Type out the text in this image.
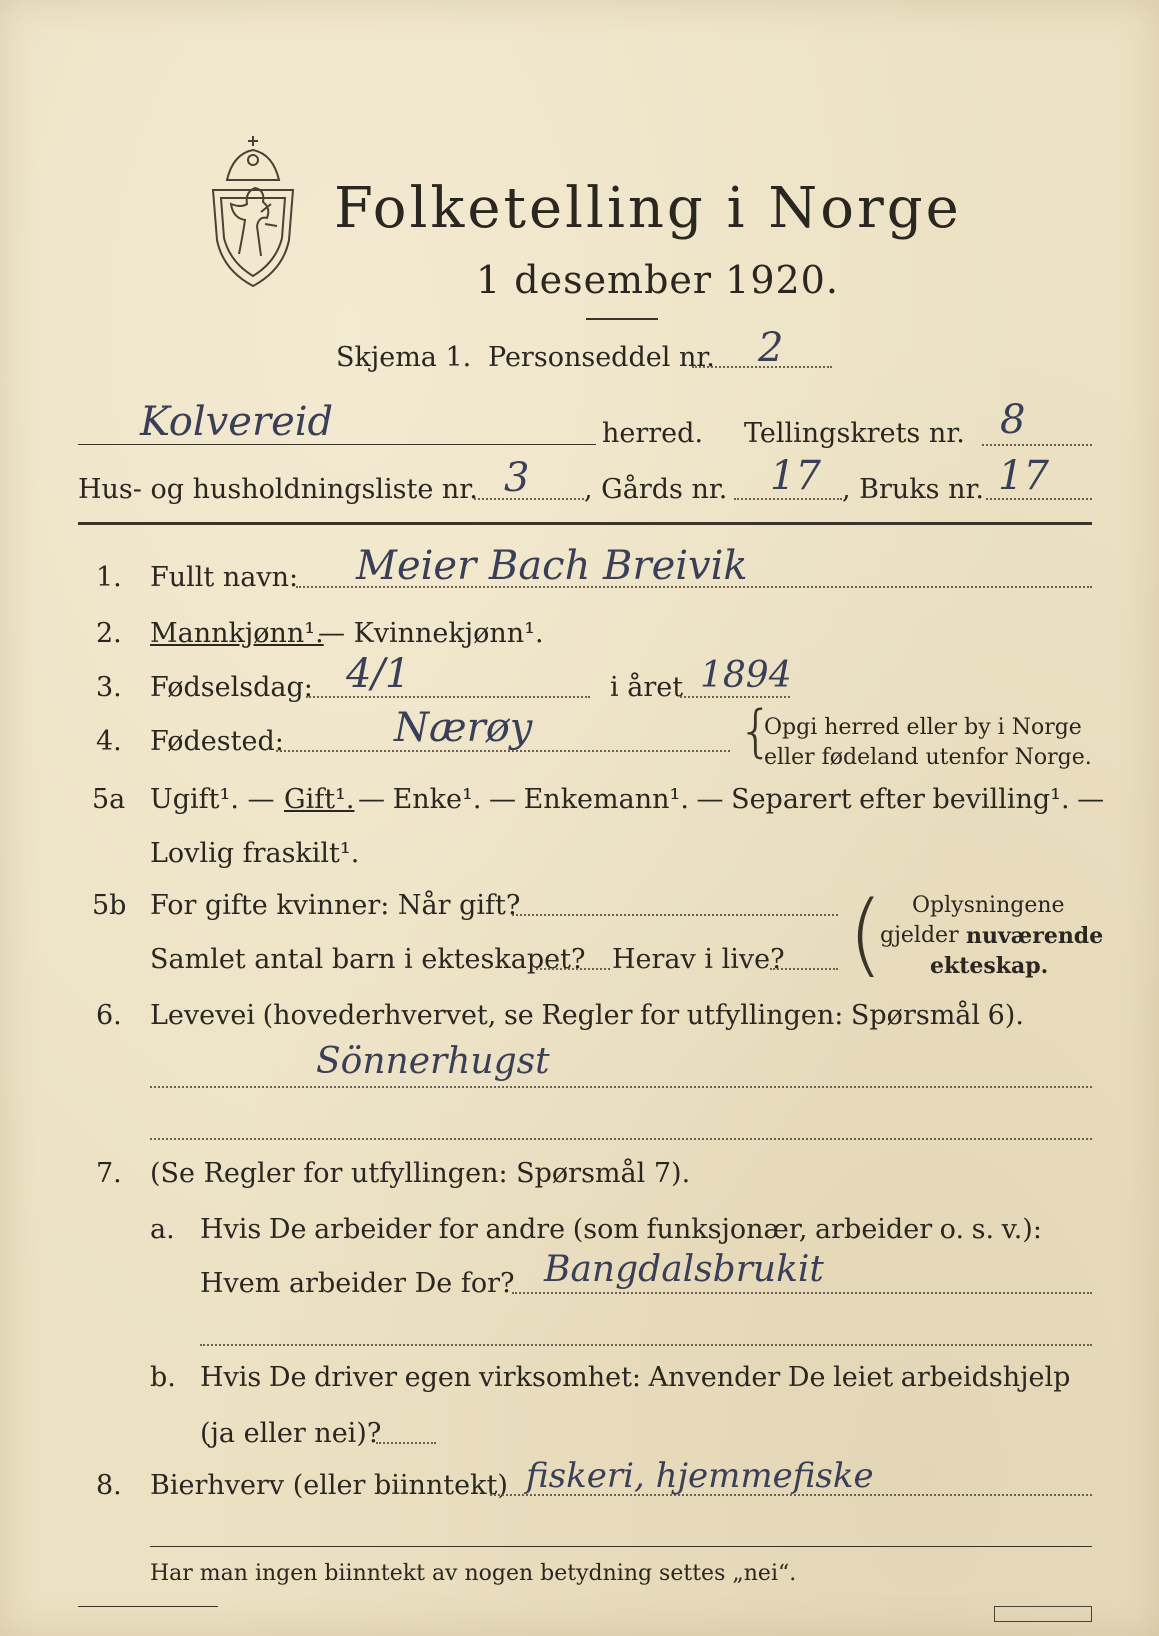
Folketelling i Norge
1 desember 1920.
Skjema 1. Personseddel nr. 2
Kolvereid	herred. Tellingskrets nr. 8
Hus- og husholdningsliste nr. 3 , Gårds nr. 17 , Bruks nr. 17
1. Fullt navn: Meier Bach Breivik
2. Mannkjønn¹.
— Kvinnekjønn¹.
3. Fødselsdag: 4/1	i året 1894
4. Fødested:	Nærøy	{
Opgi herred eller by i Norge
eller fødeland utenfor Norge.
5a Ugift¹. — Gift¹. — Enke¹. — Enkemann¹. — Separert efter bevilling¹. —
Lovlig fraskilt¹.
5b For gifte kvinner: Når gift?
Samlet antal barn i ekteskapet? Herav i live? ( Oplysningene
gjelder nuværende
ekteskap.
6. Levevei (hovederhvervet, se Regler for utfyllingen: Spørsmål 6).
Sönnerhugst
7. (Se Regler for utfyllingen: Spørsmål 7).
a. Hvis De arbeider for andre (som funksjonær, arbeider o. s. v.):
Hvem arbeider De for? Bangdalsbrukit
b. Hvis De driver egen virksomhet: Anvender De leiet arbeidshjelp
(ja eller nei)?
8. Bierhverv (eller biinntekt) fiskeri, hjemmefiske
Har man ingen biinntekt av nogen betydning settes „nei“.
